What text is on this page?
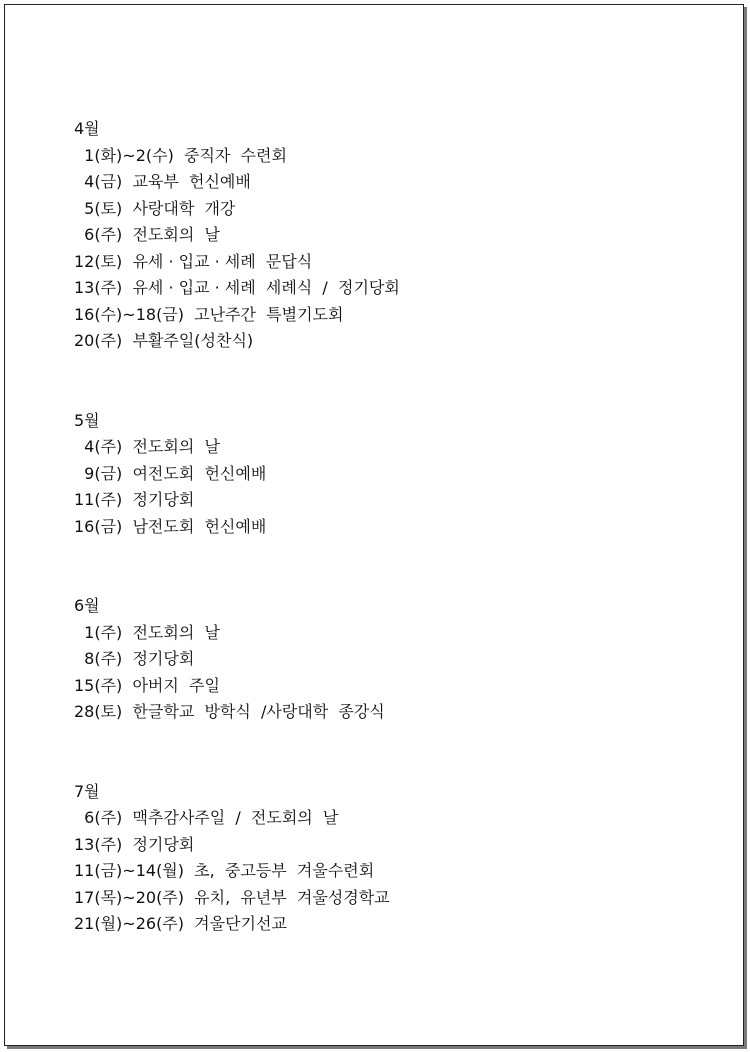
4월
1(화)~2(수)  중직자  수련회
4(금)  교육부  헌신예배
5(토)  사랑대학  개강
6(주)  전도회의  날
12(토)  유세 · 입교 · 세례  문답식
13(주)  유세 · 입교 · 세례  세례식  /  정기당회
16(수)~18(금)  고난주간  특별기도회
20(주)  부활주일(성찬식)
5월
4(주)  전도회의  날
9(금)  여전도회  헌신예배
11(주)  정기당회
16(금)  남전도회  헌신예배
6월
1(주)  전도회의  날
8(주)  정기당회
15(주)  아버지  주일
28(토)  한글학교  방학식  /사랑대학  종강식
7월
6(주)  맥추감사주일  /  전도회의  날
13(주)  정기당회
11(금)~14(월)  초,  중고등부  겨울수련회
17(목)~20(주)  유치,  유년부  겨울성경학교
21(월)~26(주)  겨울단기선교
